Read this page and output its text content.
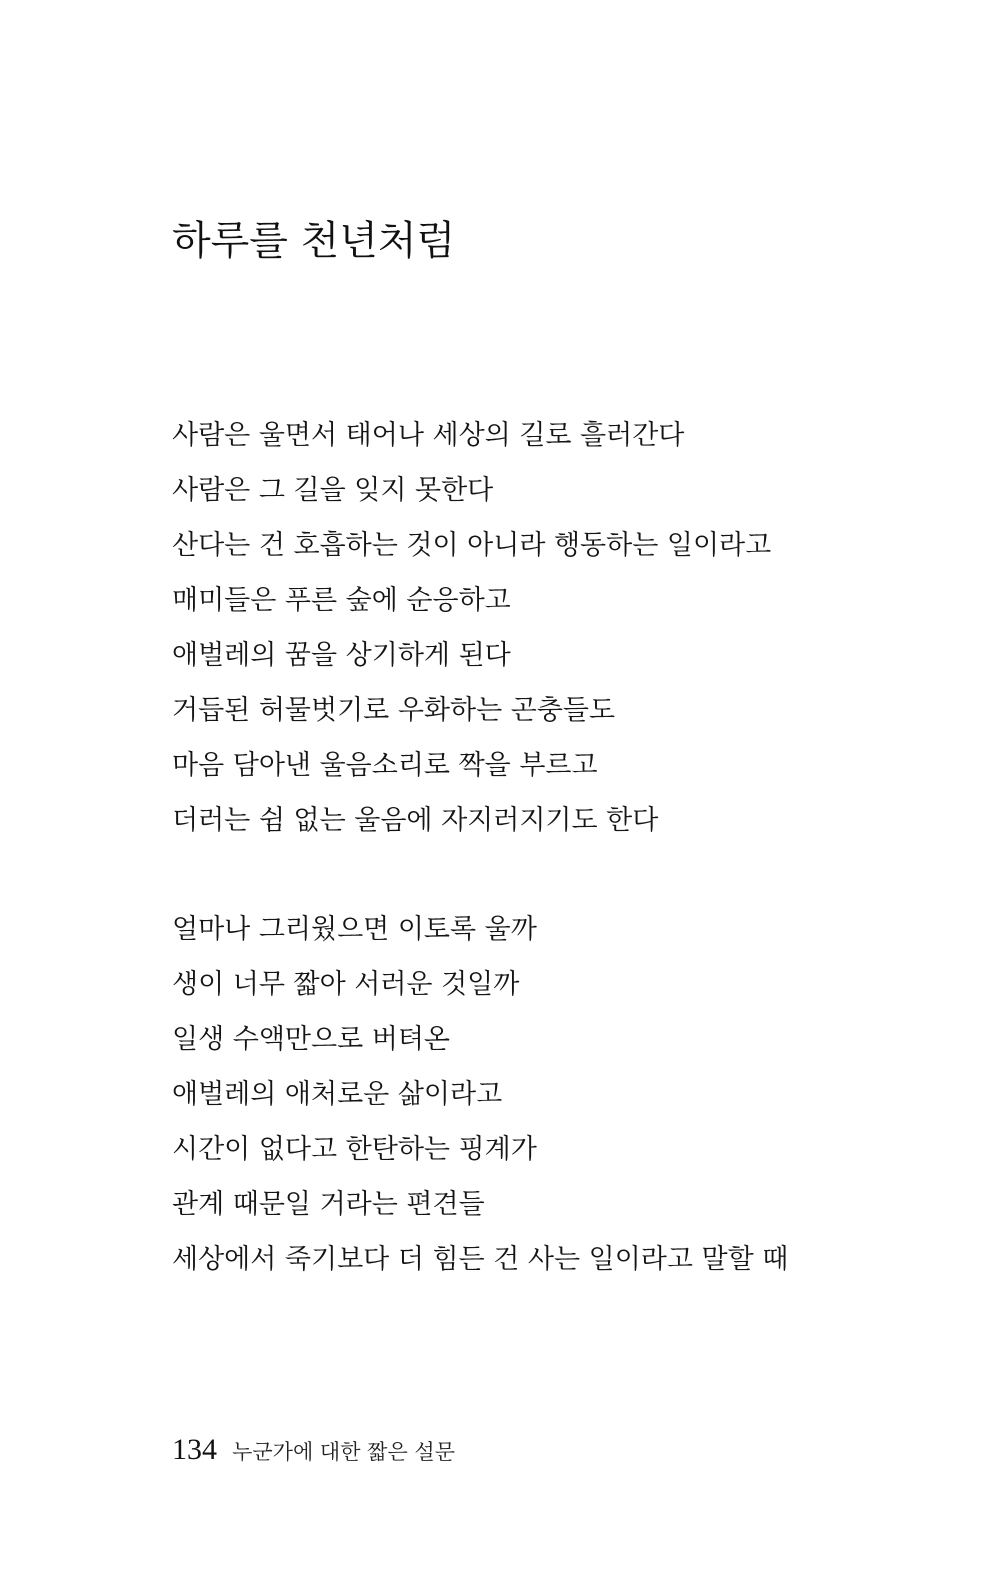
하루를 천년처럼
사람은 울면서 태어나 세상의 길로 흘러간다
사람은 그 길을 잊지 못한다
산다는 건 호흡하는 것이 아니라 행동하는 일이라고
매미들은 푸른 숲에 순응하고
애벌레의 꿈을 상기하게 된다
거듭된 허물벗기로 우화하는 곤충들도
마음 담아낸 울음소리로 짝을 부르고
더러는 쉼 없는 울음에 자지러지기도 한다
얼마나 그리웠으면 이토록 울까
생이 너무 짧아 서러운 것일까
일생 수액만으로 버텨온
애벌레의 애처로운 삶이라고
시간이 없다고 한탄하는 핑계가
관계 때문일 거라는 편견들
세상에서 죽기보다 더 힘든 건 사는 일이라고 말할 때
134 누군가에 대한 짧은 설문
